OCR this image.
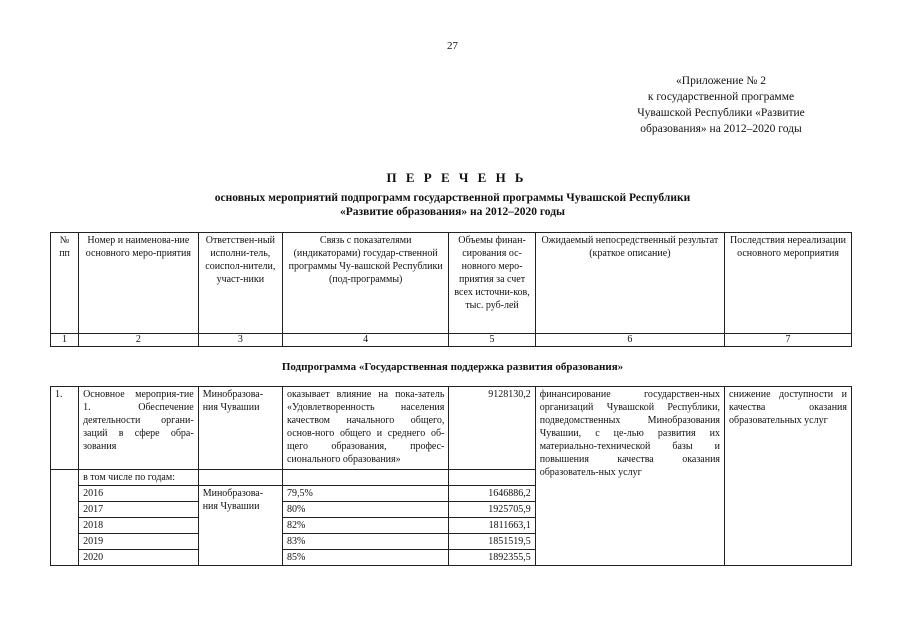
27
«Приложение № 2
к государственной программе
Чувашской Республики «Развитие
образования» на 2012–2020 годы
П Е Р Е Ч Е Н Ь
основных мероприятий подпрограмм государственной программы Чувашской Республики
«Развитие образования» на 2012–2020 годы
№ пп	Номер и наименова-ние основного меро-приятия	Ответствен-ный исполни-тель, соиспол-нители, участ-ники	Связь с показателями (индикаторами) государ-ственной программы Чу-вашской Республики (под-программы)	Объемы финан-сирования ос-новного меро-приятия за счет всех источни-ков, тыс. руб-лей	Ожидаемый непосредственный результат (краткое описание)	Последствия нереализации основного мероприятия
1	2	3	4	5	6	7
Подпрограмма «Государственная поддержка развития образования»
1.	Основное мероприя-тие 1. Обеспечение деятельности органи-заций в сфере обра-зования	Минобразова-ния Чувашии	оказывает влияние на пока-затель «Удовлетворенность населения качеством начального общего, основ-ного общего и среднего об-щего образования, профес-сионального образования»	9128130,2	финансирование государствен-ных организаций Чувашской Республики, подведомственных Минобразования Чувашии, с це-лью развития их материально-технической базы и повышения качества оказания образователь-ных услуг	снижение доступности и качества оказания образовательных услуг
	в том числе по годам:					
	2016	Минобразова-ния Чувашии	79,5%	1646886,2		
	2017		80%	1925705,9		
	2018		82%	1811663,1		
	2019		83%	1851519,5		
	2020		85%	1892355,5		
